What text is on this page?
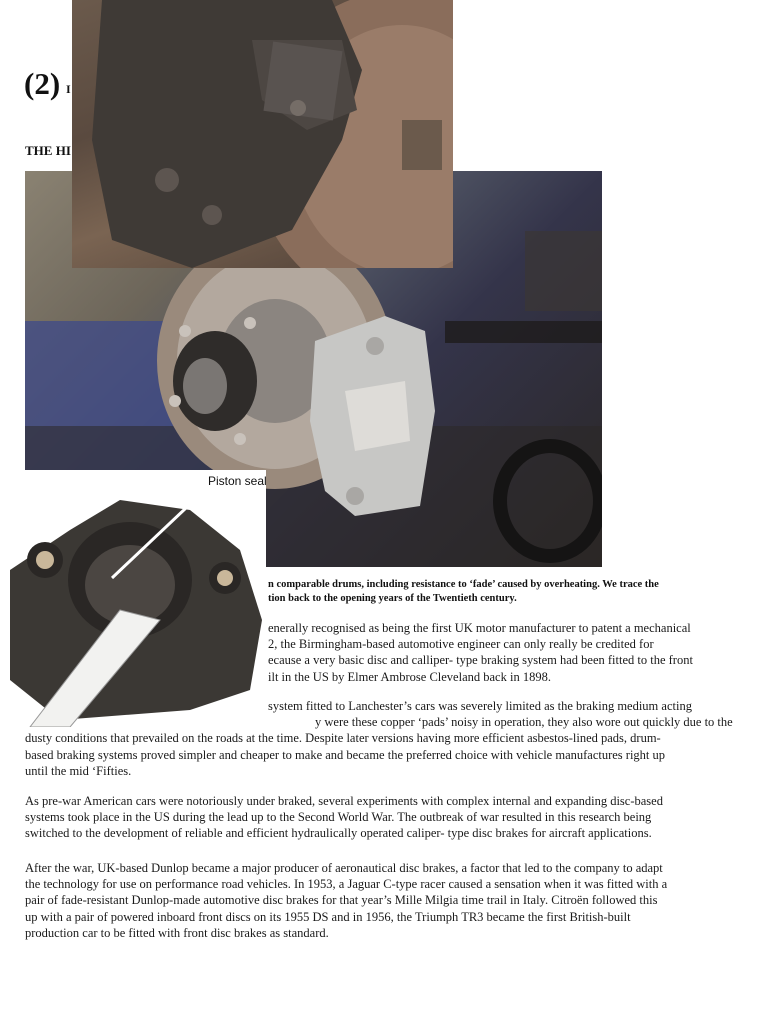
(2) I
THE HI
Piston seal
n comparable drums, including resistance to ‘fade’ caused by overheating. We trace the
tion back to the opening years of the Twentieth century.
enerally recognised as being the first UK motor manufacturer to patent a mechanical
2, the Birmingham-based automotive engineer can only really be credited for
ecause a very basic disc and calliper- type braking system had been fitted to the front
ilt in the US by Elmer Ambrose Cleveland back in 1898.
system fitted to Lanchester’s cars was severely limited as the braking medium acting
y were these copper ‘pads’ noisy in operation, they also wore out quickly due to the
dusty conditions that prevailed on the roads at the time. Despite later versions having more efficient asbestos-lined pads, drum-
based braking systems proved simpler and cheaper to make and became the preferred choice with vehicle manufactures right up
until the mid ‘Fifties.
As pre-war American cars were notoriously under braked, several experiments with complex internal and expanding disc-based
systems took place in the US during the lead up to the Second World War. The outbreak of war resulted in this research being
switched to the development of reliable and efficient hydraulically operated caliper- type disc brakes for aircraft applications.
After the war, UK-based Dunlop became a major producer of aeronautical disc brakes, a factor that led to the company to adapt
the technology for use on performance road vehicles. In 1953, a Jaguar C-type racer caused a sensation when it was fitted with a
pair of fade-resistant Dunlop-made automotive disc brakes for that year’s Mille Milgia time trail in Italy. Citroën followed this
up with a pair of powered inboard front discs on its 1955 DS and in 1956, the Triumph TR3 became the first British-built
production car to be fitted with front disc brakes as standard.
